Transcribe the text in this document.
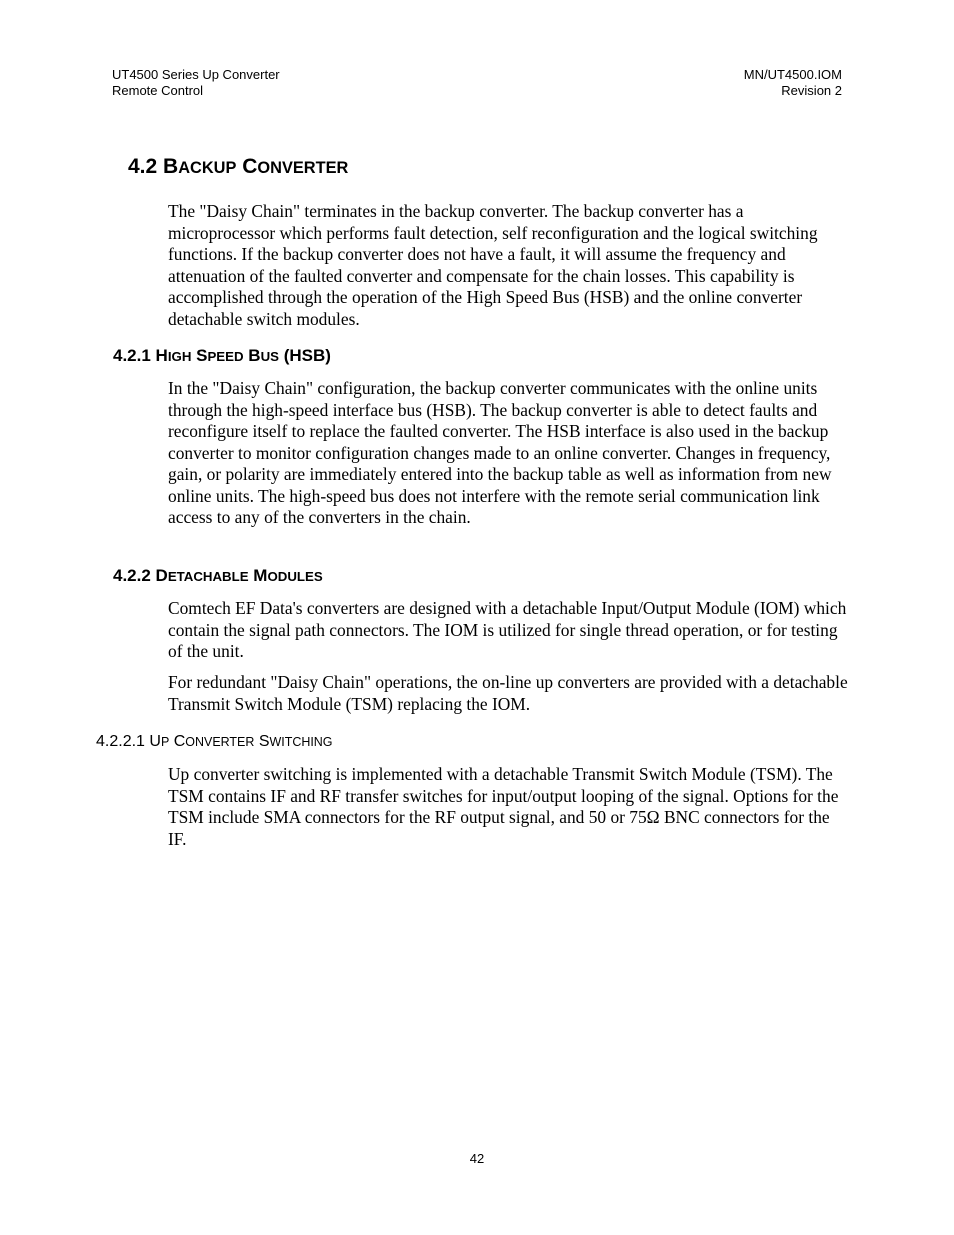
UT4500 Series Up Converter
Remote Control
MN/UT4500.IOM
Revision 2
4.2 BACKUP CONVERTER

The "Daisy Chain" terminates in the backup converter. The backup converter has a microprocessor which performs fault detection, self reconfiguration and the logical switching functions. If the backup converter does not have a fault, it will assume the frequency and attenuation of the faulted converter and compensate for the chain losses. This capability is accomplished through the operation of the High Speed Bus (HSB) and the online converter detachable switch modules.

4.2.1 HIGH SPEED BUS (HSB)

In the "Daisy Chain" configuration, the backup converter communicates with the online units through the high-speed interface bus (HSB). The backup converter is able to detect faults and reconfigure itself to replace the faulted converter. The HSB interface is also used in the backup converter to monitor configuration changes made to an online converter. Changes in frequency, gain, or polarity are immediately entered into the backup table as well as information from new online units. The high-speed bus does not interfere with the remote serial communication link access to any of the converters in the chain.

4.2.2 DETACHABLE MODULES

Comtech EF Data's converters are designed with a detachable Input/Output Module (IOM) which contain the signal path connectors. The IOM is utilized for single thread operation, or for testing of the unit.

For redundant "Daisy Chain" operations, the on-line up converters are provided with a detachable Transmit Switch Module (TSM) replacing the IOM.

4.2.2.1 UP CONVERTER SWITCHING

Up converter switching is implemented with a detachable Transmit Switch Module (TSM). The TSM contains IF and RF transfer switches for input/output looping of the signal. Options for the TSM include SMA connectors for the RF output signal, and 50 or 75Ω BNC connectors for the IF.

42
